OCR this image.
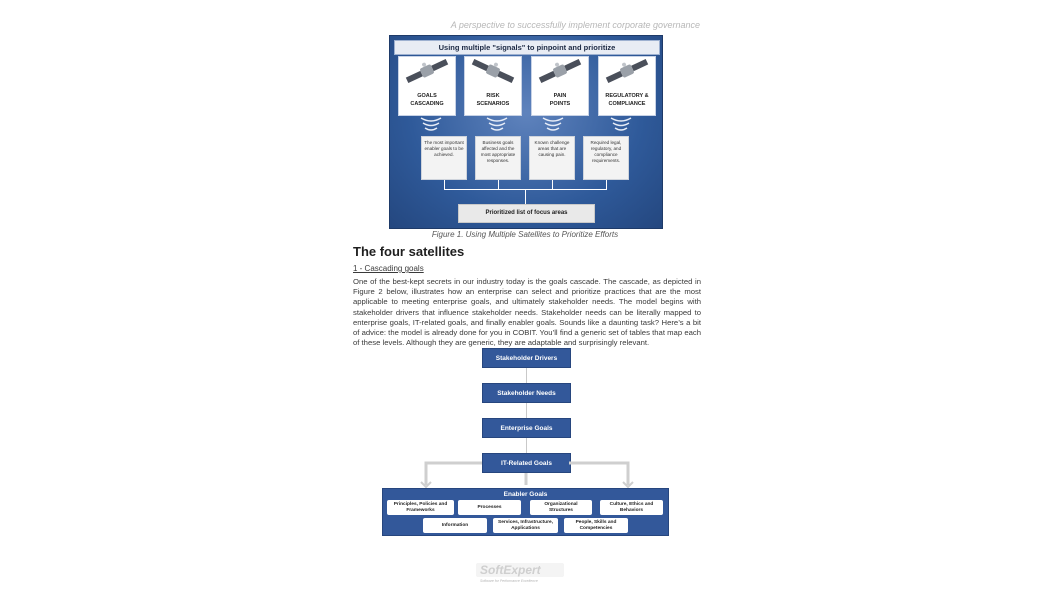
A perspective to successfully implement corporate governance
Using multiple "signals" to pinpoint and prioritize
GOALS
CASCADING
RISK
SCENARIOS
PAIN
POINTS
REGULATORY &
COMPLIANCE
The most important enabler goals to be achieved.
Business goals affected and the most appropriate responses.
Known challenge areas that are causing pain.
Required legal, regulatory, and compliance requirements.
Prioritized list of focus areas
Figure 1. Using Multiple Satellites to Prioritize Efforts
The four satellites
1 - Cascading goals
One of the best-kept secrets in our industry today is the goals cascade. The cascade, as depicted in Figure 2 below, illustrates how an enterprise can select and prioritize practices that are the most applicable to meeting enterprise goals, and ultimately stakeholder needs. The model begins with stakeholder drivers that influence stakeholder needs. Stakeholder needs can be literally mapped to enterprise goals, IT-related goals, and finally enabler goals. Sounds like a daunting task? Here’s a bit of advice: the model is already done for you in COBIT. You’ll find a generic set of tables that map each of these levels. Although they are generic, they are adaptable and surprisingly relevant.
Stakeholder Drivers
Stakeholder Needs
Enterprise Goals
IT-Related Goals
Enabler Goals
Principles, Policies and
Frameworks
Processes
Organizational
Structures
Culture, Ethics and
Behaviors
Information
Services, Infrastructure,
Applications
People, Skills and
Competencies
SoftExpert
Software for Performance Excellence
